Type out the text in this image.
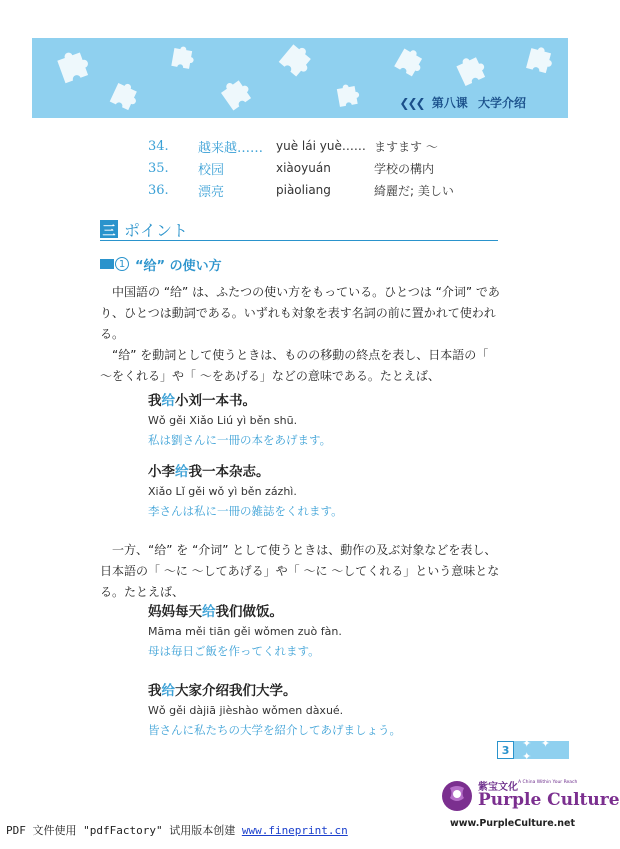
❮❮❮ 第八课 大学介绍
34.	越来越……	yuè lái yuè…… ますます ～
35.	校园	xiàoyuán	学校の構内
36.	漂亮	piàoliang	綺麗だ; 美しい
三 ポイント
1 “给” の使い方
中国語の “给” は、ふたつの使い方をもっている。ひとつは “介词” であり、ひとつは動詞である。いずれも対象を表す名詞の前に置かれて使われる。
“给” を動詞として使うときは、ものの移動の終点を表し、日本語の「 ～をくれる」や「 ～をあげる」などの意味である。たとえば、
我给小刘一本书。
Wǒ gěi Xiǎo Liú yì běn shū.
私は劉さんに一冊の本をあげます。
小李给我一本杂志。
Xiǎo Lǐ gěi wǒ yì běn zázhì.
李さんは私に一冊の雑誌をくれます。
一方、“给” を “介词” として使うときは、動作の及ぶ対象などを表し、日本語の「 ～に ～してあげる」や「 ～に ～してくれる」という意味となる。たとえば、
妈妈每天给我们做饭。
Māma měi tiān gěi wǒmen zuò fàn.
母は毎日ご飯を作ってくれます。
我给大家介绍我们大学。
Wǒ gěi dàjiā jièshào wǒmen dàxué.
皆さんに私たちの大学を紹介してあげましょう。
3	✦ ✦ ✦
紫宝文化 A China Within Your Reach
Purple Culture
www.PurpleCulture.net
PDF 文件使用 "pdfFactory" 试用版本创建 www.fineprint.cn
